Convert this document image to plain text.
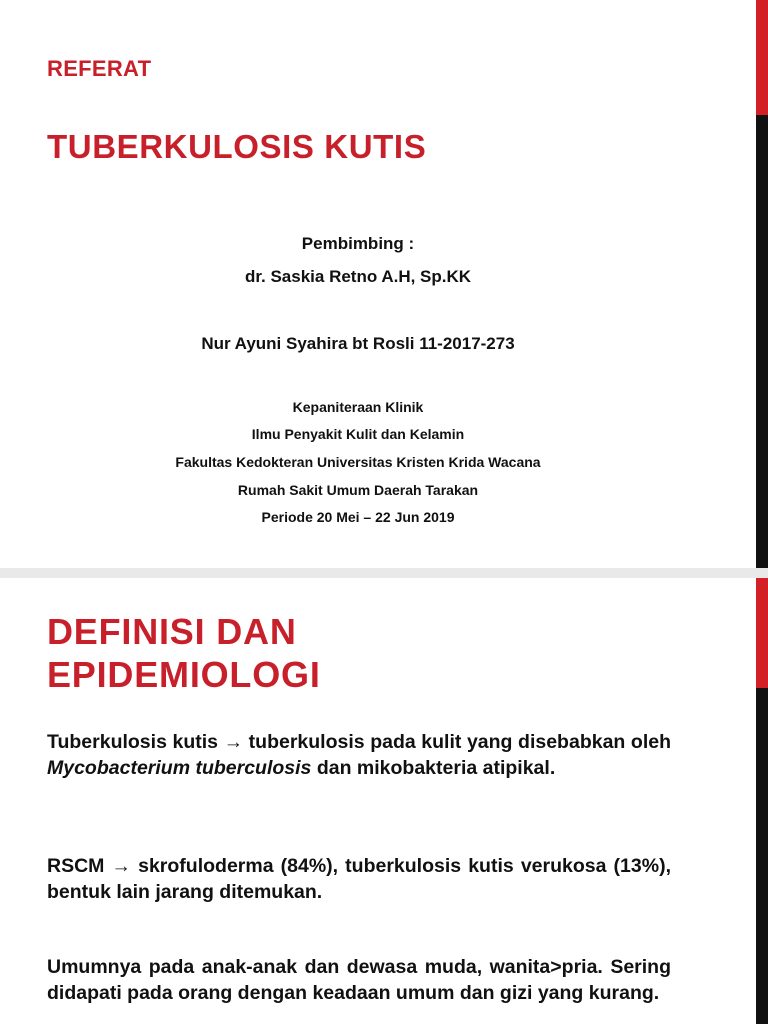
REFERAT
TUBERKULOSIS KUTIS
Pembimbing :
dr. Saskia Retno A.H, Sp.KK
Nur Ayuni Syahira bt Rosli 11-2017-273
Kepaniteraan Klinik
Ilmu Penyakit Kulit dan Kelamin
Fakultas Kedokteran Universitas Kristen Krida Wacana
Rumah Sakit Umum Daerah Tarakan
Periode 20 Mei – 22 Jun 2019
DEFINISI DAN
EPIDEMIOLOGI
Tuberkulosis kutis → tuberkulosis pada kulit yang disebabkan oleh Mycobacterium tuberculosis dan mikobakteria atipikal.
RSCM → skrofuloderma (84%), tuberkulosis kutis verukosa (13%), bentuk lain jarang ditemukan.
Umumnya pada anak-anak dan dewasa muda, wanita>pria. Sering didapati pada orang dengan keadaan umum dan gizi yang kurang.
